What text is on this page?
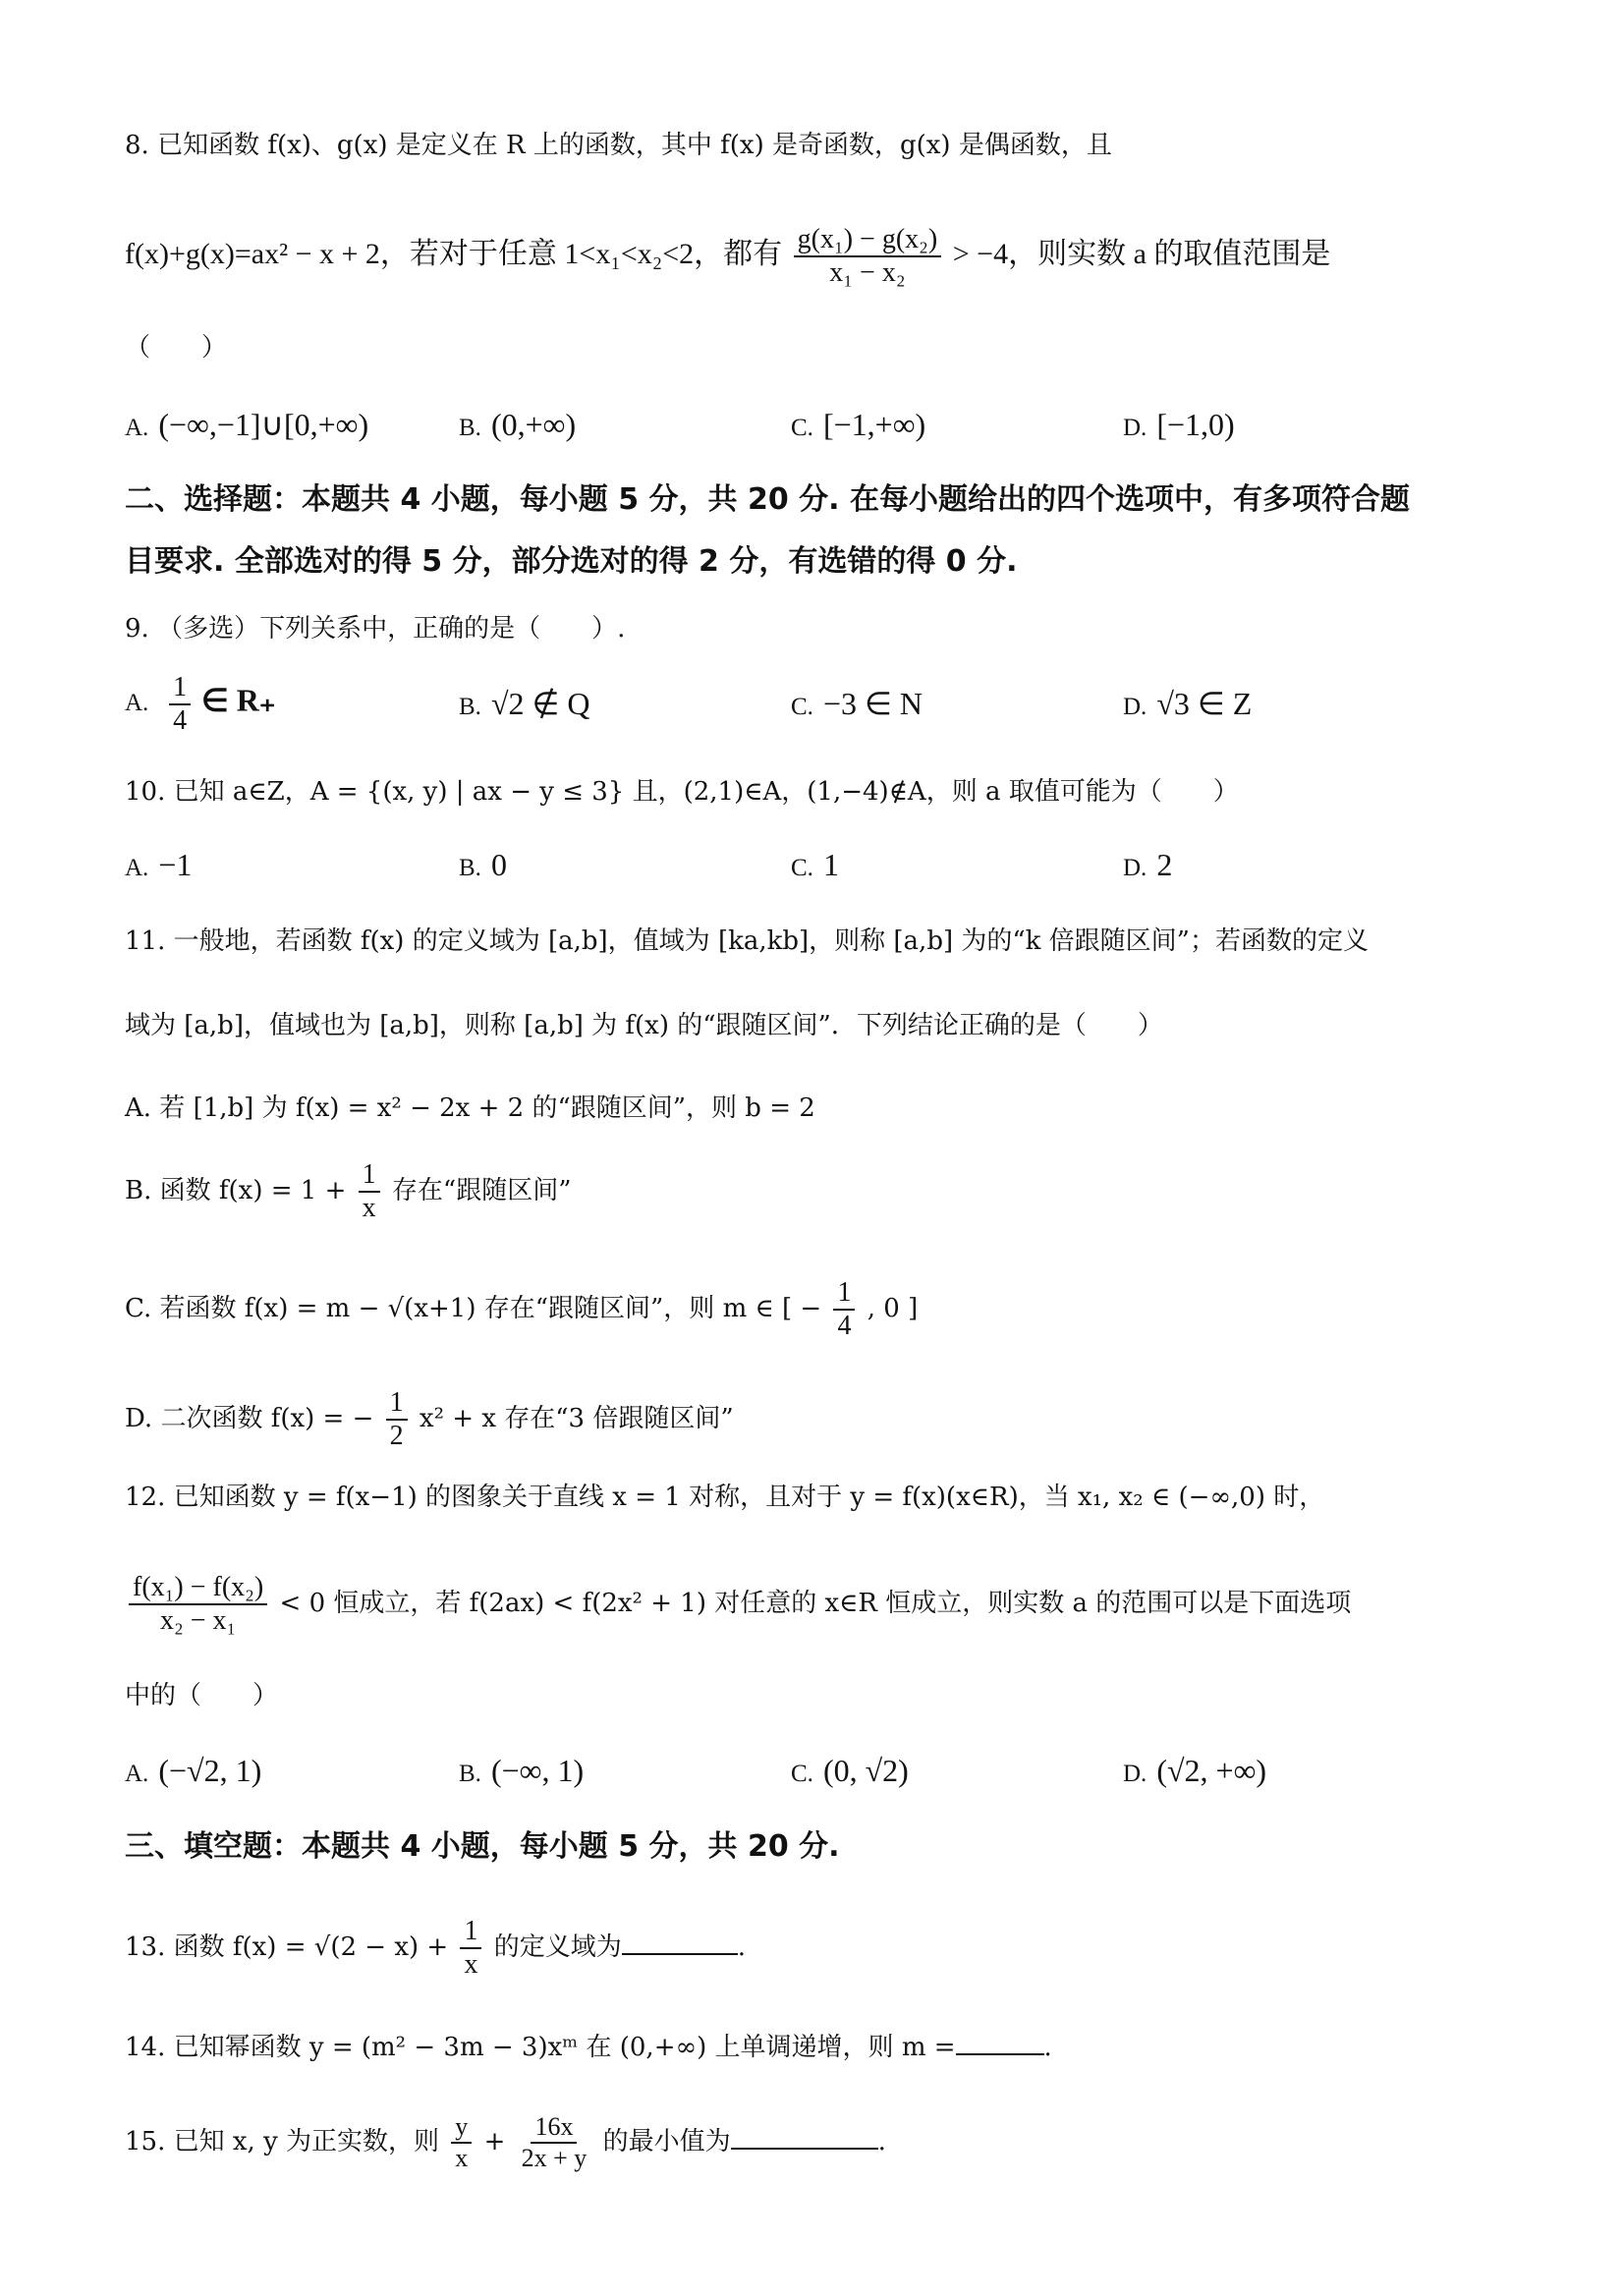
8. 已知函数 f(x)、g(x) 是定义在 R 上的函数，其中 f(x) 是奇函数，g(x) 是偶函数，且
f(x)+g(x)=ax² − x + 2，若对于任意 1<x₁<x₂<2，都有 $\frac{\text{g(x₁) − g(x₂)}}{\text{x₁ − x₂}} > -4$，则实数 a 的取值范围是
（　　）
A. (−∞,−1]∪[0,+∞)	B. (0,+∞)	C. [−1,+∞)	D. [−1,0)
二、选择题：本题共 4 小题，每小题 5 分，共 20 分. 在每小题给出的四个选项中，有多项符合题
目要求. 全部选对的得 5 分，部分选对的得 2 分，有选错的得 0 分.
9. （多选）下列关系中，正确的是（　　）.
A. $\frac{1}{4}$ ∈ R₊	B. √2 ∉ Q	C. −3 ∈ N	D. √3 ∈ Z
10. 已知 a∈Z，A = {(x, y) | ax − y ≤ 3} 且，(2,1)∈A，(1,−4)∉A，则 a 取值可能为（　　）
A. −1	B. 0	C. 1	D. 2
11. 一般地，若函数 f(x) 的定义域为 [a,b]，值域为 [ka,kb]，则称 [a,b] 为的“k 倍跟随区间”；若函数的定义
域为 [a,b]，值域也为 [a,b]，则称 [a,b] 为 f(x) 的“跟随区间”．下列结论正确的是（　　）
A. 若 [1,b] 为 f(x) = x² − 2x + 2 的“跟随区间”，则 b = 2
B. 函数 $f(x) = 1 + \frac{1}{x}$ 存在“跟随区间”
C. 若函数 f(x) = m − √(x+1) 存在“跟随区间”，则 m ∈ [ − $\frac{1}{4}$ , 0 ]
D. 二次函数 f(x) = − $\frac{1}{2} x^2 + x$ 存在“3 倍跟随区间”
12. 已知函数 y = f(x−1) 的图象关于直线 x = 1 对称，且对于 y = f(x)(x∈R)，当 x₁, x₂ ∈ (−∞,0) 时，
$\frac{\text{f(x₁) − f(x₂)}}{\text{x₂ − x₁}} < 0$ 恒成立，若 f(2ax) < f(2x² + 1) 对任意的 x∈R 恒成立，则实数 a 的范围可以是下面选项
中的（　　）
A. (−√2, 1)	B. (−∞, 1)	C. (0, √2)	D. (√2, +∞)
三、填空题：本题共 4 小题，每小题 5 分，共 20 分.
13. 函数 $f(x) = √(2 - x) + \frac{1}{x}$ 的定义域为	.
14. 已知幂函数 y = (m² − 3m − 3)xᵐ 在 (0,+∞) 上单调递增，则 m =	.
15. 已知 x, y 为正实数，则 $\frac{y}{x} + \frac{16x}{2x + y}$ 的最小值为	.
